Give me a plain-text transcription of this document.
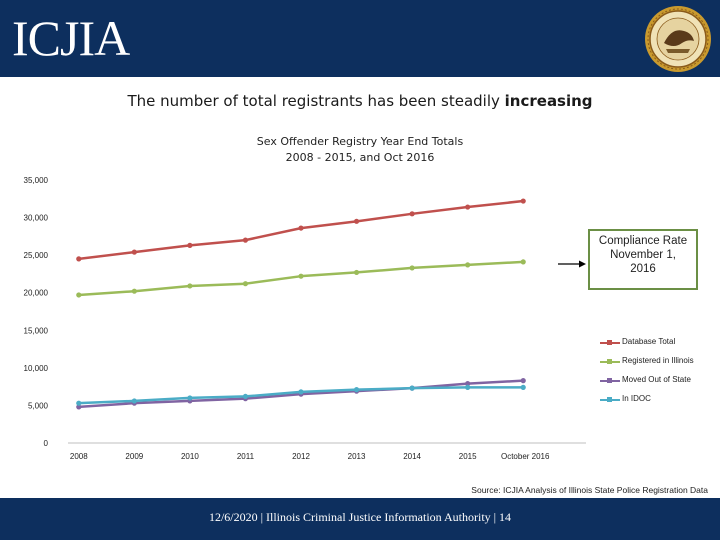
ICJIA
The number of total registrants has been steadily increasing
Sex Offender Registry Year End Totals
2008 - 2015, and Oct 2016
0
5,000
10,000
15,000
20,000
25,000
30,000
35,000
2008	2009	2010	2011	2012	2013	2014	2015	October 2016
Database Total
Registered in Illinois
Moved Out of State
In IDOC
Compliance Rate
November 1,
2016
Source: ICJIA Analysis of Illinois State Police Registration Data
12/6/2020 | Illinois Criminal Justice Information Authority | 14
